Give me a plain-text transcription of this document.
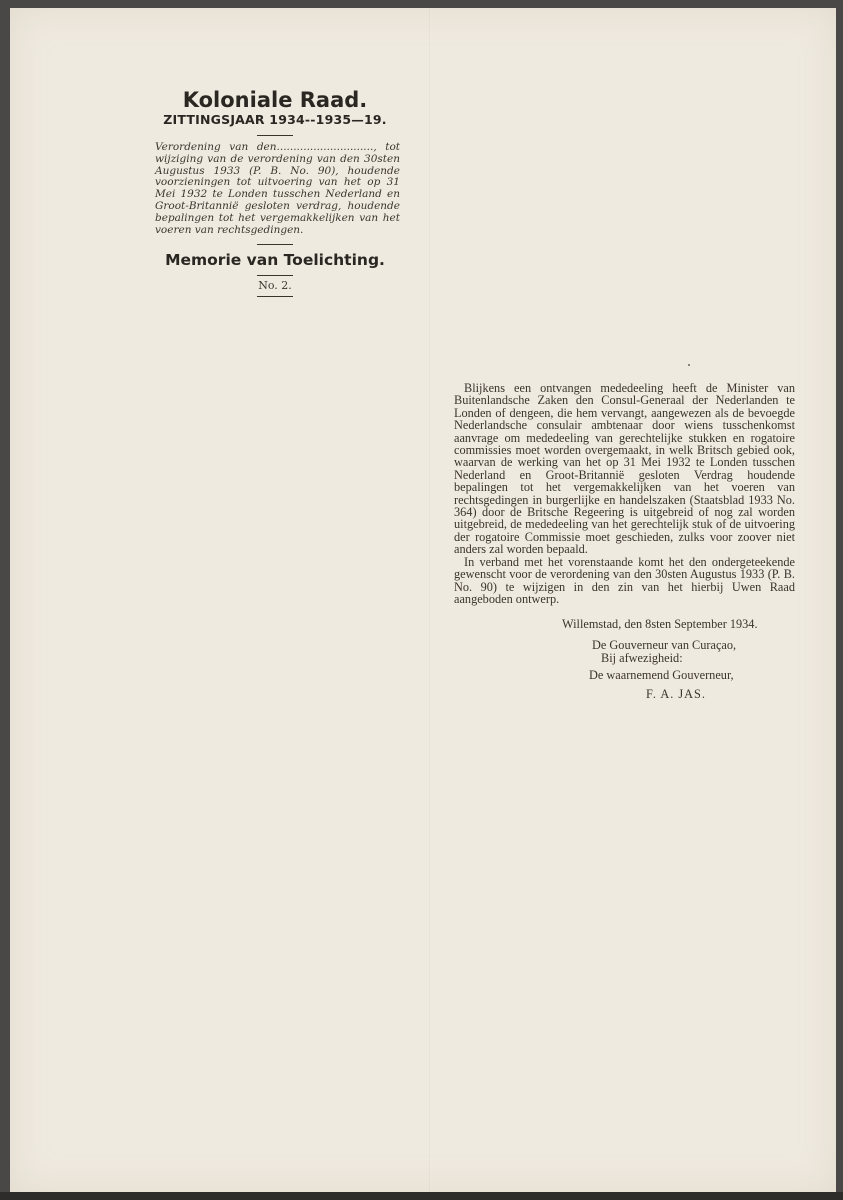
Koloniale Raad.
ZITTINGSJAAR 1934--1935—19.
Verordening van den............................., tot wijziging van de verordening van den 30sten Augustus 1933 (P. B. No. 90), houdende voorzieningen tot uitvoering van het op 31 Mei 1932 te Londen tusschen Nederland en Groot-Britannië gesloten verdrag, houdende bepalingen tot het vergemakkelijken van het voeren van rechtsgedingen.
Memorie van Toelichting.
No. 2.

Blijkens een ontvangen mededeeling heeft de Minister van Buitenlandsche Zaken den Consul-Generaal der Nederlanden te Londen of dengeen, die hem vervangt, aangewezen als de bevoegde Nederlandsche consulair ambtenaar door wiens tusschenkomst aanvrage om mededeeling van gerechtelijke stukken en rogatoire commissies moet worden overgemaakt, in welk Britsch gebied ook, waarvan de werking van het op 31 Mei 1932 te Londen tusschen Nederland en Groot-Britannië gesloten Verdrag houdende bepalingen tot het vergemakkelijken van het voeren van rechtsgedingen in burgerlijke en handelszaken (Staatsblad 1933 No. 364) door de Britsche Regeering is uitgebreid of nog zal worden uitgebreid, de mededeeling van het gerechtelijk stuk of de uitvoering der rogatoire Commissie moet geschieden, zulks voor zoover niet anders zal worden bepaald.

In verband met het vorenstaande komt het den ondergeteekende gewenscht voor de verordening van den 30sten Augustus 1933 (P. B. No. 90) te wijzigen in den zin van het hierbij Uwen Raad aangeboden ontwerp.

Willemstad, den 8sten September 1934.
De Gouverneur van Curaçao,
Bij afwezigheid:
De waarnemend Gouverneur,
F. A. JAS.
